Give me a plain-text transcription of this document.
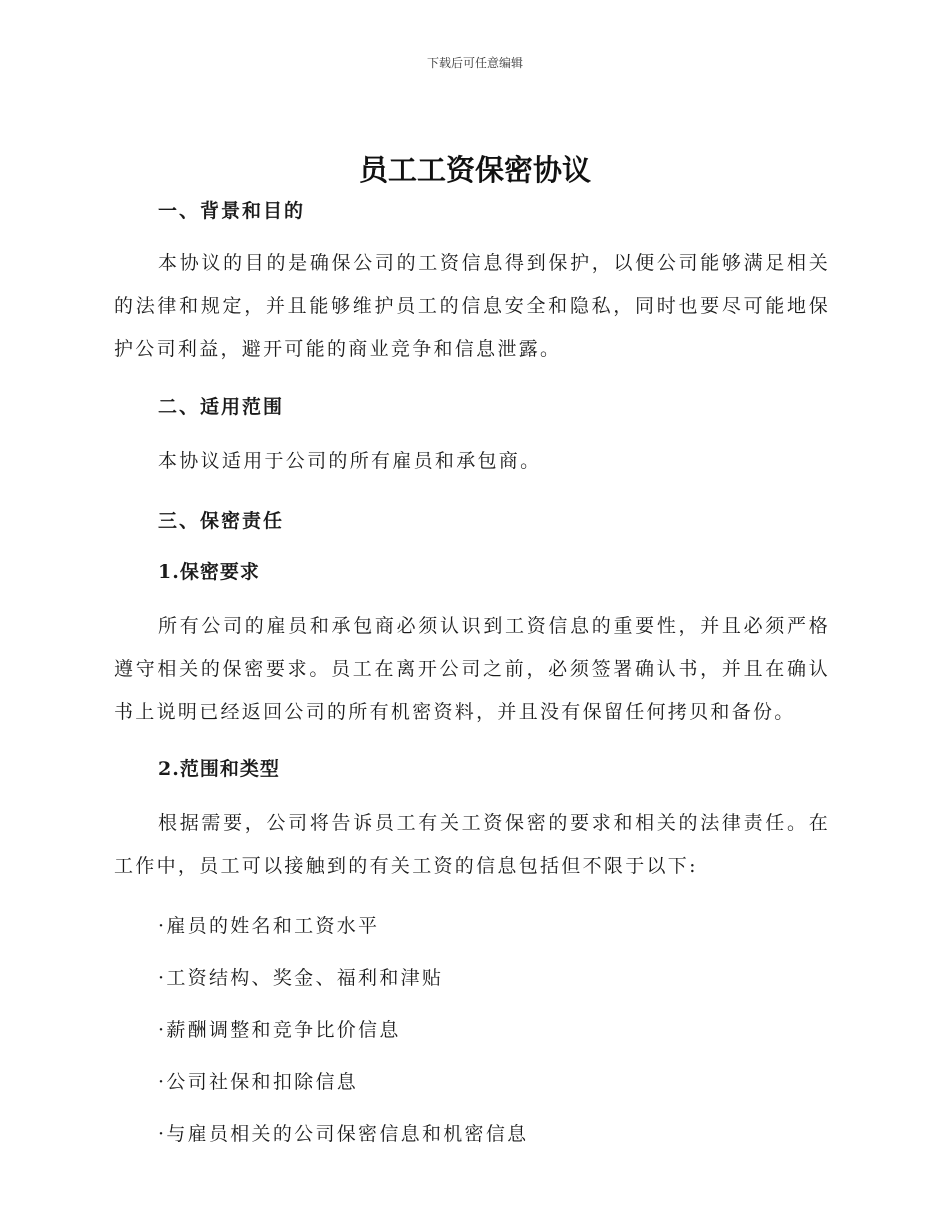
下载后可任意编辑
员工工资保密协议
一、背景和目的

本协议的目的是确保公司的工资信息得到保护，以便公司能够满足相关的法律和规定，并且能够维护员工的信息安全和隐私，同时也要尽可能地保护公司利益，避开可能的商业竞争和信息泄露。

二、适用范围

本协议适用于公司的所有雇员和承包商。

三、保密责任
1.保密要求

所有公司的雇员和承包商必须认识到工资信息的重要性，并且必须严格遵守相关的保密要求。员工在离开公司之前，必须签署确认书，并且在确认书上说明已经返回公司的所有机密资料，并且没有保留任何拷贝和备份。

2.范围和类型

根据需要，公司将告诉员工有关工资保密的要求和相关的法律责任。在工作中，员工可以接触到的有关工资的信息包括但不限于以下:

·雇员的姓名和工资水平
·工资结构、奖金、福利和津贴
·薪酬调整和竞争比价信息
·公司社保和扣除信息
·与雇员相关的公司保密信息和机密信息
